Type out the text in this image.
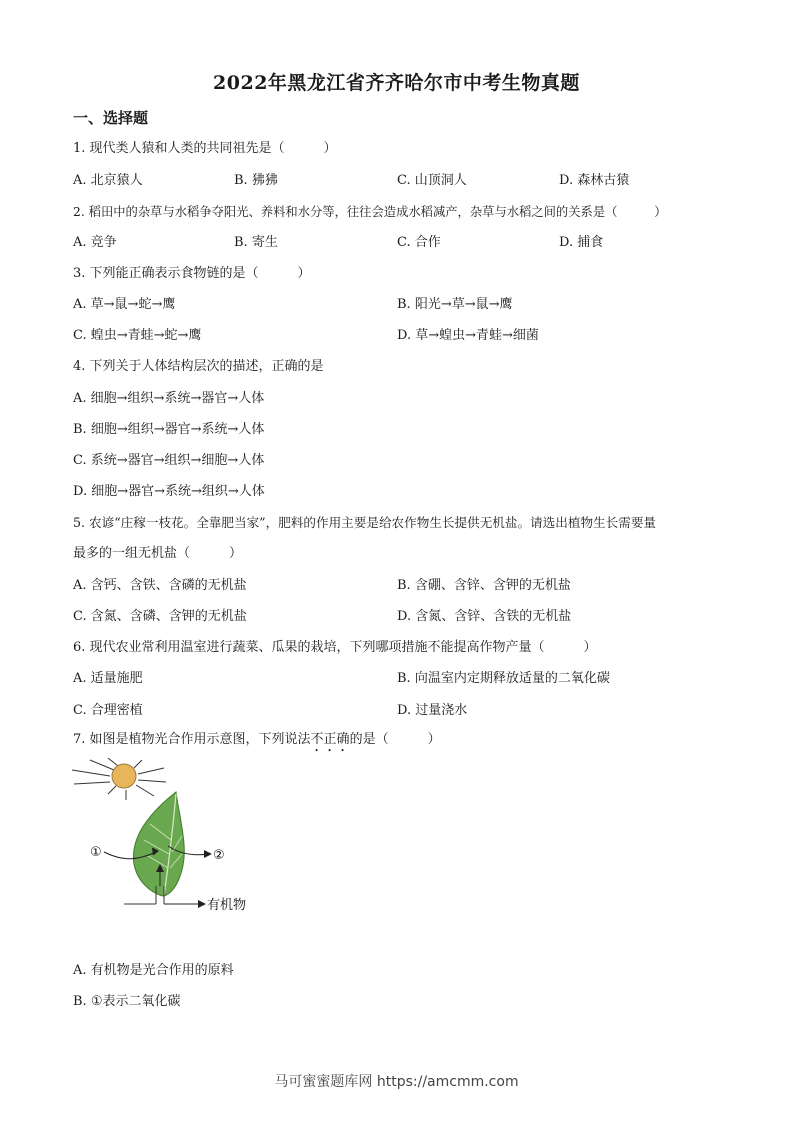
2022年黑龙江省齐齐哈尔市中考生物真题
一、选择题
1. 现代类人猿和人类的共同祖先是（　　　）
A. 北京猿人	B. 狒狒	C. 山顶洞人	D. 森林古猿
2. 稻田中的杂草与水稻争夺阳光、养料和水分等，往往会造成水稻减产，杂草与水稻之间的关系是（　　　）
A. 竞争	B. 寄生	C. 合作	D. 捕食
3. 下列能正确表示食物链的是（　　　）
A. 草→鼠→蛇→鹰	B. 阳光→草→鼠→鹰
C. 蝗虫→青蛙→蛇→鹰	D. 草→蝗虫→青蛙→细菌
4. 下列关于人体结构层次的描述，正确的是
A. 细胞→组织→系统→器官→人体
B. 细胞→组织→器官→系统→人体
C. 系统→器官→组织→细胞→人体
D. 细胞→器官→系统→组织→人体
5. 农谚“庄稼一枝花。全靠肥当家”，肥料的作用主要是给农作物生长提供无机盐。请选出植物生长需要量
最多的一组无机盐（　　　）
A. 含钙、含铁、含磷的无机盐	B. 含硼、含锌、含钾的无机盐
C. 含氮、含磷、含钾的无机盐	D. 含氮、含锌、含铁的无机盐
6. 现代农业常利用温室进行蔬菜、瓜果的栽培，下列哪项措施不能提高作物产量（　　　）
A. 适量施肥	B. 向温室内定期释放适量的二氧化碳
C. 合理密植	D. 过量浇水
7. 如图是植物光合作用示意图，下列说法不正确的是（　　　）
①	②
有机物
A. 有机物是光合作用的原料
B. ①表示二氧化碳
马可蜜蜜题库网 https://amcmm.com
